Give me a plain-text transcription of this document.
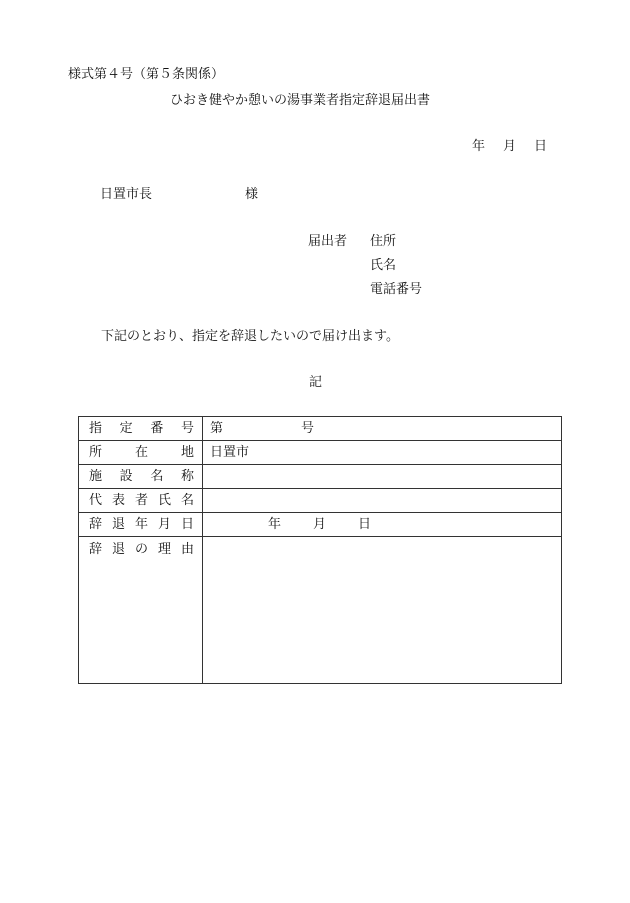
様式第４号（第５条関係）
ひおき健やか憩いの湯事業者指定辞退届出書
年 月 日
日置市長	様
届出者 住所
氏名
電話番号
下記のとおり、指定を辞退したいので届け出ます。
記
指定番号	第 号
所在地	日置市
施設名称	
代表者氏名	
辞退年月日	年 月 日
辞退の理由	
